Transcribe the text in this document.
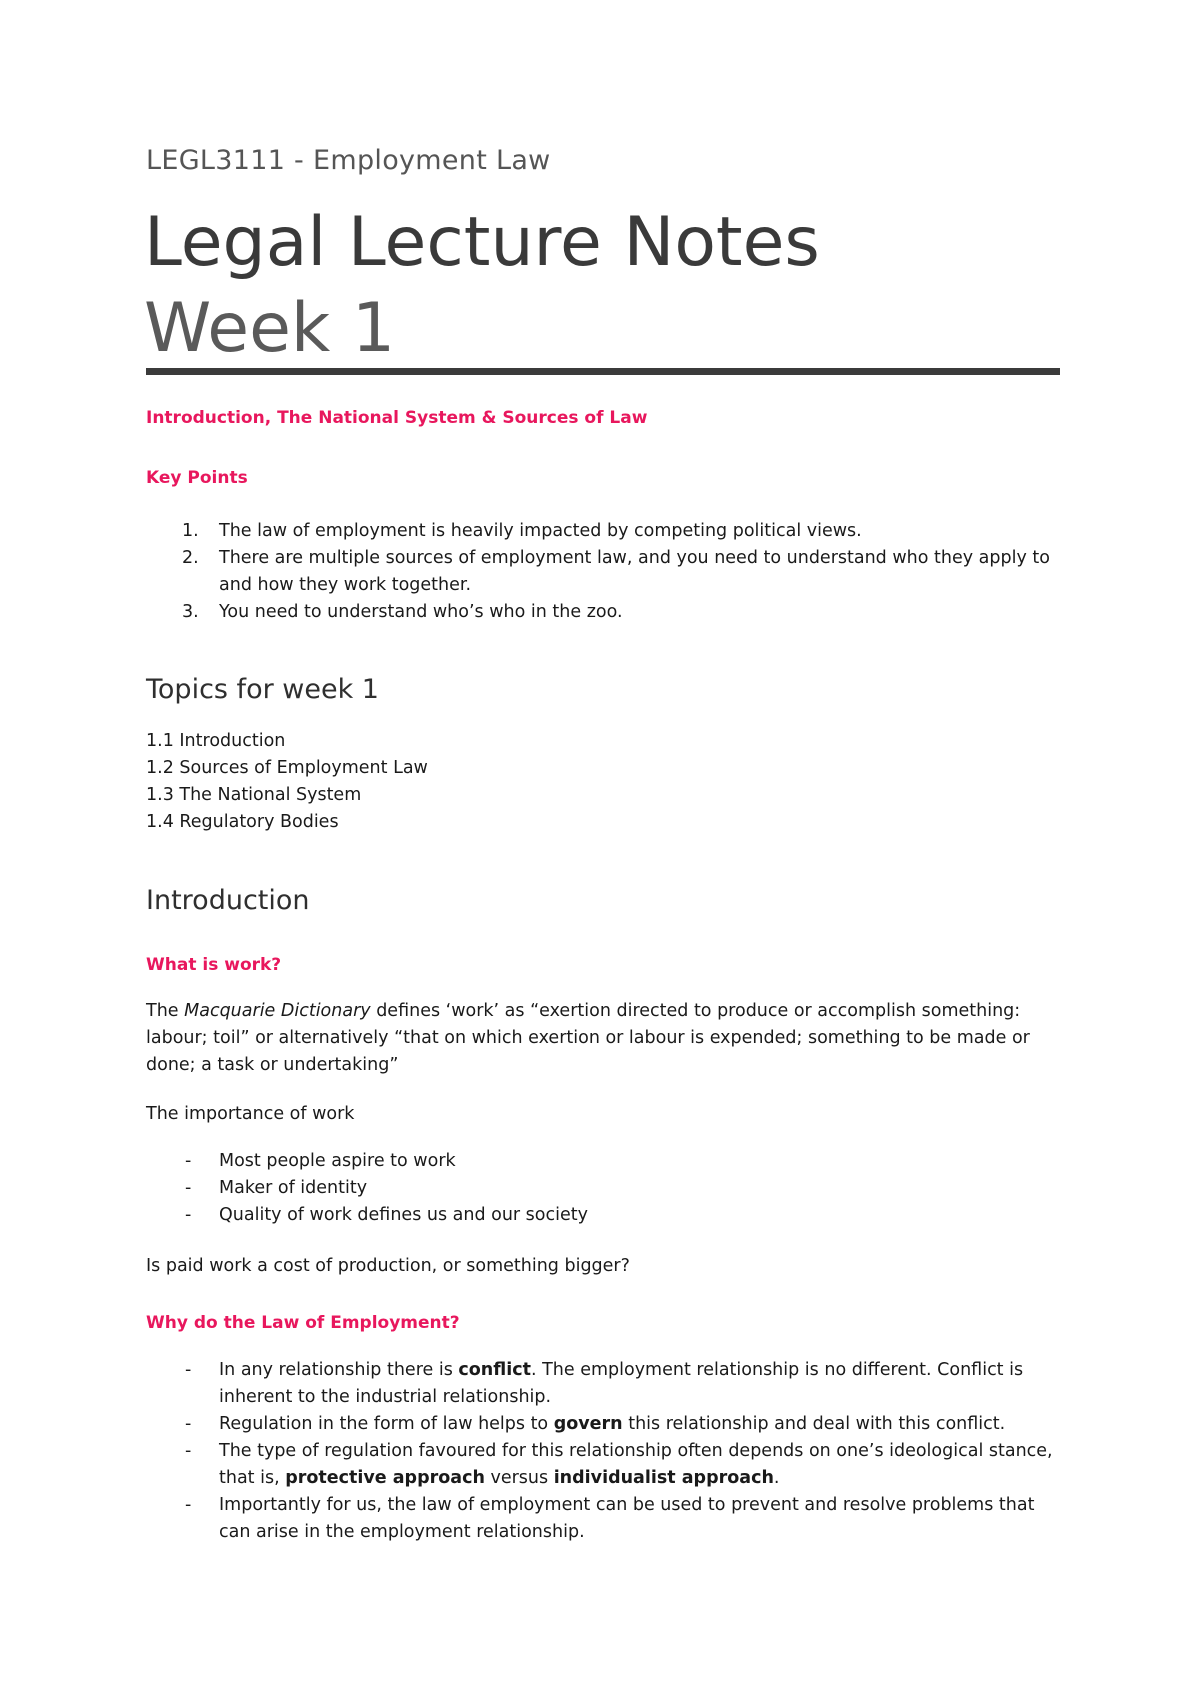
LEGL3111 - Employment Law
Legal Lecture Notes
Week 1
Introduction, The National System & Sources of Law
Key Points
1. The law of employment is heavily impacted by competing political views.
2. There are multiple sources of employment law, and you need to understand who they apply to and how they work together.
3. You need to understand who’s who in the zoo.
Topics for week 1
1.1 Introduction
1.2 Sources of Employment Law
1.3 The National System
1.4 Regulatory Bodies
Introduction
What is work?
The Macquarie Dictionary defines ‘work’ as “exertion directed to produce or accomplish something: labour; toil” or alternatively “that on which exertion or labour is expended; something to be made or done; a task or undertaking”
The importance of work
- Most people aspire to work
- Maker of identity
- Quality of work defines us and our society
Is paid work a cost of production, or something bigger?
Why do the Law of Employment?
- In any relationship there is conflict. The employment relationship is no different. Conflict is inherent to the industrial relationship.
- Regulation in the form of law helps to govern this relationship and deal with this conflict.
- The type of regulation favoured for this relationship often depends on one’s ideological stance, that is, protective approach versus individualist approach.
- Importantly for us, the law of employment can be used to prevent and resolve problems that can arise in the employment relationship.
